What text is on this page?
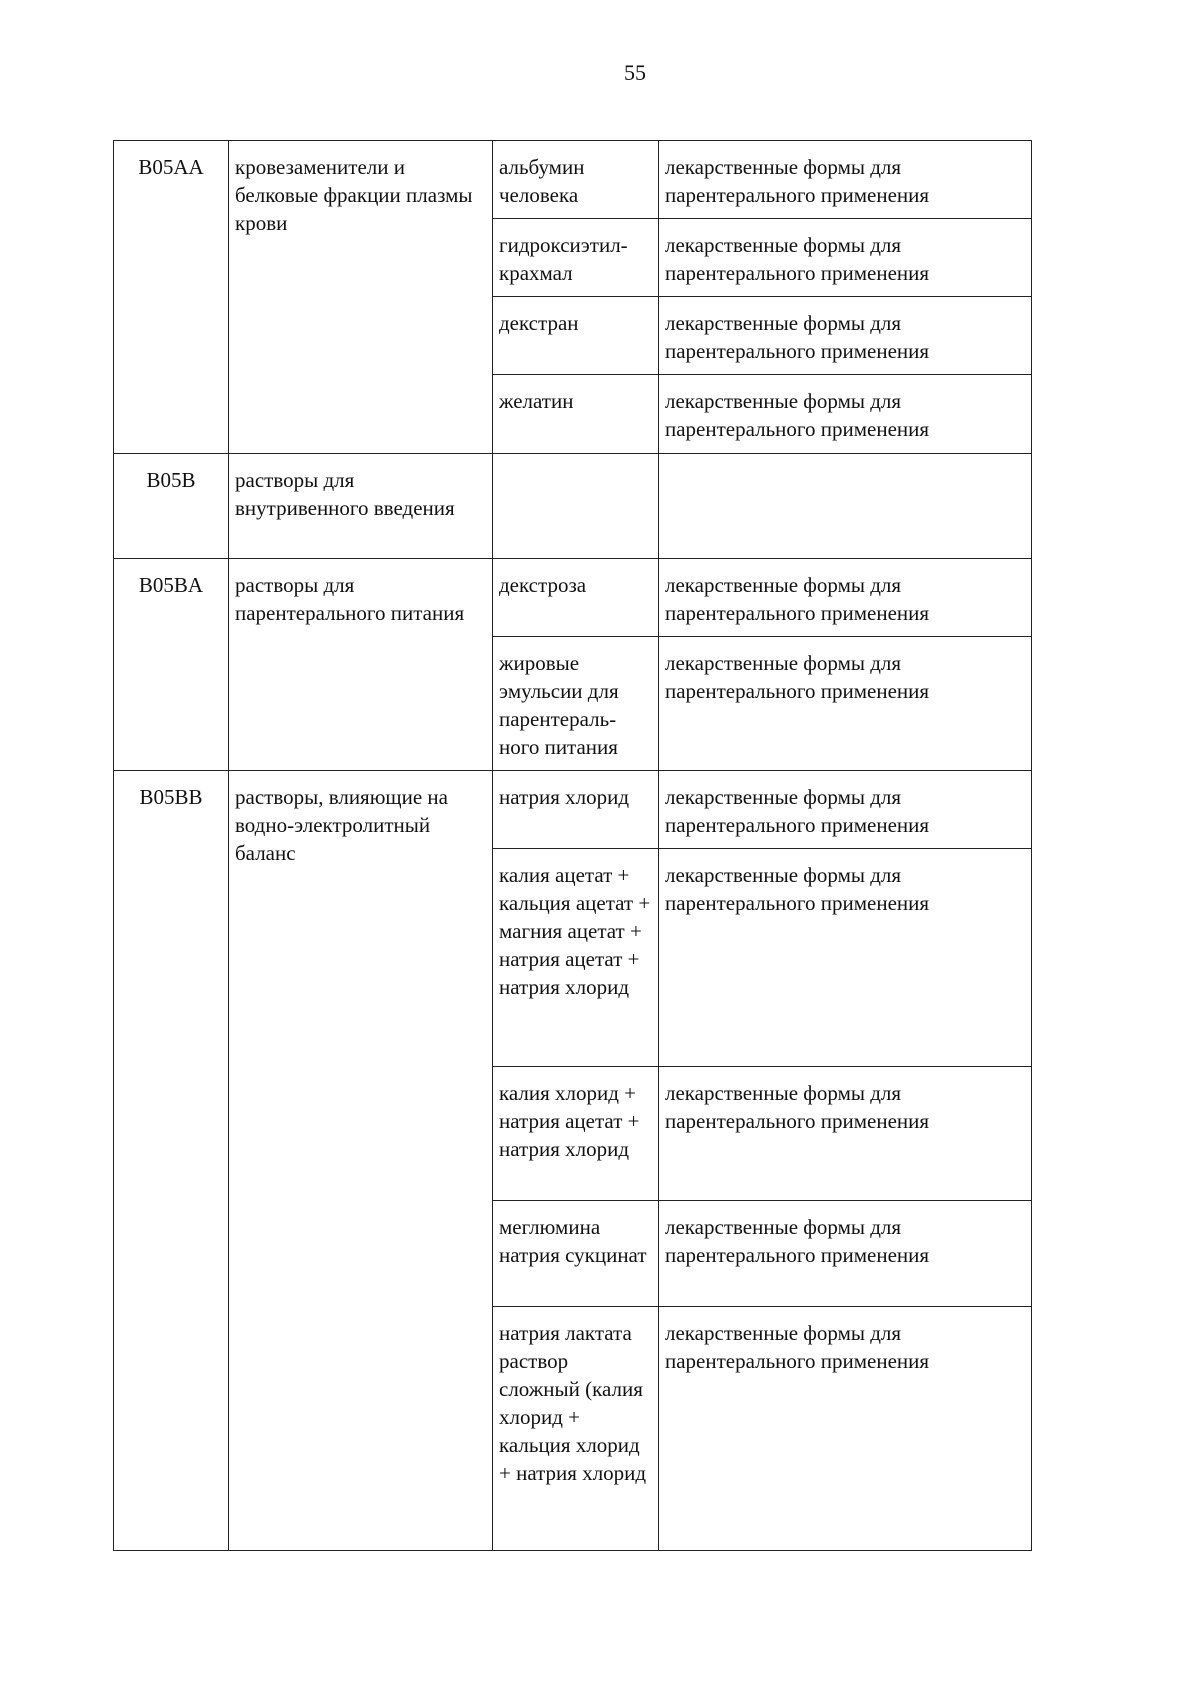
55
B05AA	кровезаменители и белковые фракции плазмы крови	альбумин человека	лекарственные формы для парентерального применения
		гидроксиэтил-крахмал	лекарственные формы для парентерального применения
		декстран	лекарственные формы для парентерального применения
		желатин	лекарственные формы для парентерального применения
B05B	растворы для внутривенного введения		
B05BA	растворы для парентерального питания	декстроза	лекарственные формы для парентерального применения
		жировые эмульсии для парентераль-ного питания	лекарственные формы для парентерального применения
B05BB	растворы, влияющие на водно-электролитный баланс	натрия хлорид	лекарственные формы для парентерального применения
		калия ацетат + кальция ацетат + магния ацетат + натрия ацетат + натрия хлорид	лекарственные формы для парентерального применения
		калия хлорид + натрия ацетат + натрия хлорид	лекарственные формы для парентерального применения
		меглюмина натрия сукцинат	лекарственные формы для парентерального применения
		натрия лактата раствор сложный (калия хлорид + кальция хлорид + натрия хлорид	лекарственные формы для парентерального применения
